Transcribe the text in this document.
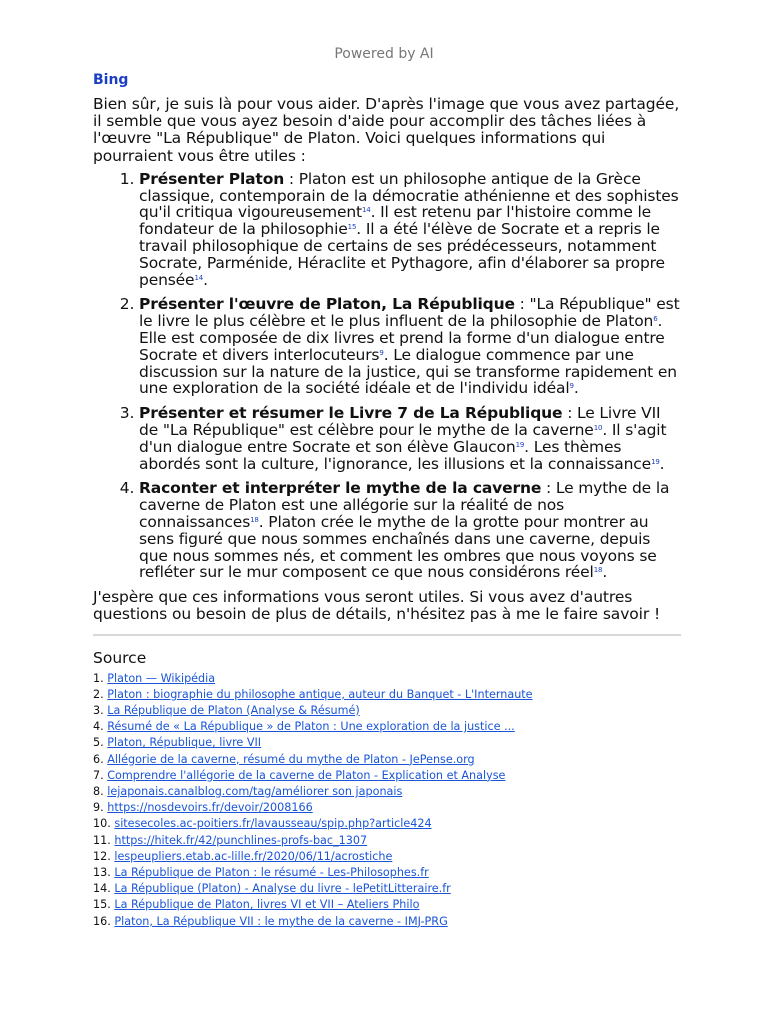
Powered by AI
Bing
Bien sûr, je suis là pour vous aider. D'après l'image que vous avez partagée, il semble que vous ayez besoin d'aide pour accomplir des tâches liées à l'œuvre "La République" de Platon. Voici quelques informations qui pourraient vous être utiles :
1. Présenter Platon : Platon est un philosophe antique de la Grèce classique, contemporain de la démocratie athénienne et des sophistes qu'il critiqua vigoureusement$^{14}$. Il est retenu par l'histoire comme le fondateur de la philosophie$^{15}$. Il a été l'élève de Socrate et a repris le travail philosophique de certains de ses prédécesseurs, notamment Socrate, Parménide, Héraclite et Pythagore, afin d'élaborer sa propre pensée$^{14}$.
2. Présenter l'œuvre de Platon, La République : "La République" est le livre le plus célèbre et le plus influent de la philosophie de Platon$^6$. Elle est composée de dix livres et prend la forme d'un dialogue entre Socrate et divers interlocuteurs$^9$. Le dialogue commence par une discussion sur la nature de la justice, qui se transforme rapidement en une exploration de la société idéale et de l'individu idéal$^9$.
3. Présenter et résumer le Livre 7 de La République : Le Livre VII de "La République" est célèbre pour le mythe de la caverne$^{10}$. Il s'agit d'un dialogue entre Socrate et son élève Glaucon$^{19}$. Les thèmes abordés sont la culture, l'ignorance, les illusions et la connaissance$^{19}$.
4. Raconter et interpréter le mythe de la caverne : Le mythe de la caverne de Platon est une allégorie sur la réalité de nos connaissances$^{18}$. Platon crée le mythe de la grotte pour montrer au sens figuré que nous sommes enchaînés dans une caverne, depuis que nous sommes nés, et comment les ombres que nous voyons se refléter sur le mur composent ce que nous considérons réel$^{18}$.
J'espère que ces informations vous seront utiles. Si vous avez d'autres questions ou besoin de plus de détails, n'hésitez pas à me le faire savoir !
Source
1. Platon — Wikipédia
2. Platon : biographie du philosophe antique, auteur du Banquet - L'Internaute
3. La République de Platon (Analyse & Résumé)
4. Résumé de « La République » de Platon : Une exploration de la justice ...
5. Platon, République, livre VII
6. Allégorie de la caverne, résumé du mythe de Platon - JePense.org
7. Comprendre l'allégorie de la caverne de Platon - Explication et Analyse
8. lejaponais.canalblog.com/tag/améliorer son japonais
9. https://nosdevoirs.fr/devoir/2008166
10. sitesecoles.ac-poitiers.fr/lavausseau/spip.php?article424
11. https://hitek.fr/42/punchlines-profs-bac_1307
12. lespeupliers.etab.ac-lille.fr/2020/06/11/acrostiche
13. La République de Platon : le résumé - Les-Philosophes.fr
14. La République (Platon) - Analyse du livre - lePetitLitteraire.fr
15. La République de Platon, livres VI et VII – Ateliers Philo
16. Platon, La République VII : le mythe de la caverne - IMJ-PRG
